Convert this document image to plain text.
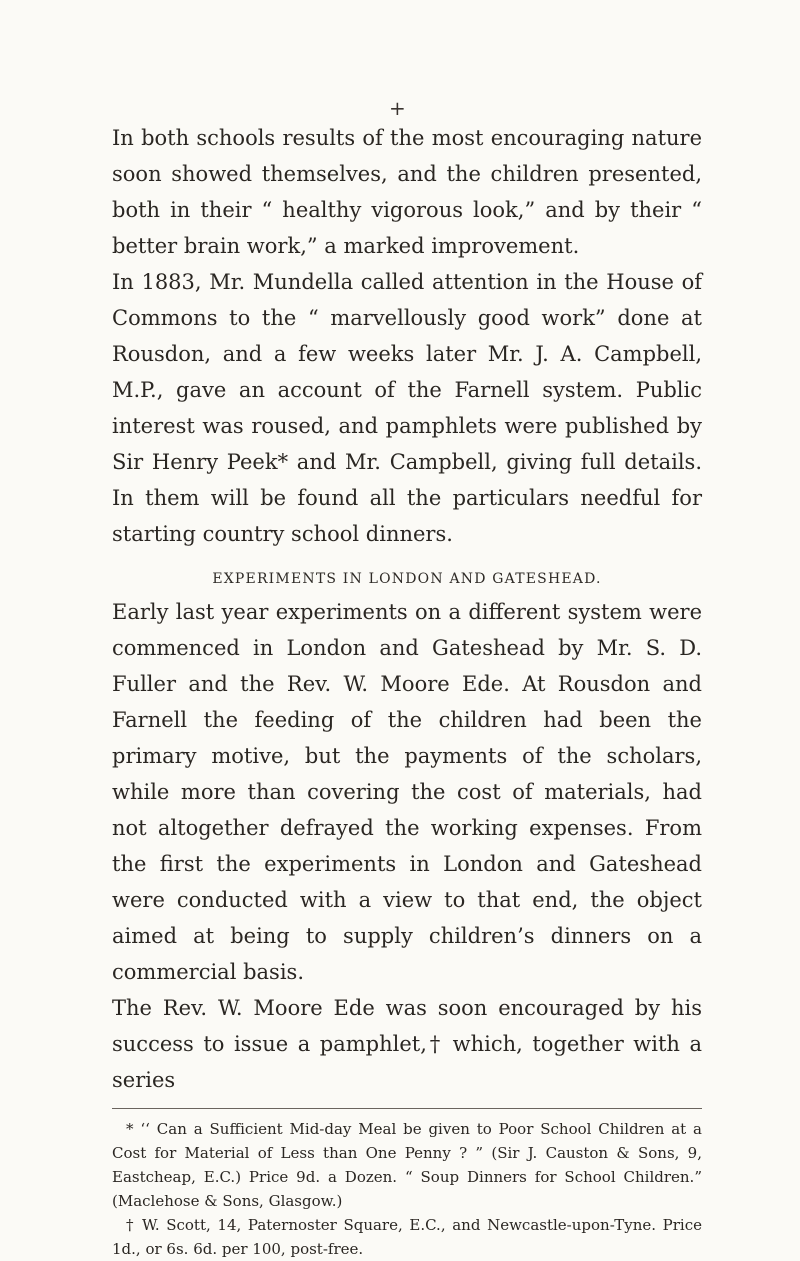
+

In both schools results of the most encouraging nature soon showed themselves, and the children presented, both in their “ healthy vigorous look,” and by their “ better brain work,” a marked improvement.

In 1883, Mr. Mundella called attention in the House of Commons to the “ marvellously good work” done at Rousdon, and a few weeks later Mr. J. A. Campbell, M.P., gave an account of the Farnell system. Public interest was roused, and pamphlets were published by Sir Henry Peek* and Mr. Campbell, giving full details. In them will be found all the particulars needful for starting country school dinners.

EXPERIMENTS IN LONDON AND GATESHEAD.

Early last year experiments on a different system were commenced in London and Gateshead by Mr. S. D. Fuller and the Rev. W. Moore Ede. At Rousdon and Farnell the feeding of the children had been the primary motive, but the payments of the scholars, while more than covering the cost of materials, had not altogether defrayed the working expenses. From the first the experiments in London and Gateshead were conducted with a view to that end, the object aimed at being to supply children’s dinners on a commercial basis.

The Rev. W. Moore Ede was soon encouraged by his success to issue a pamphlet,† which, together with a series

* ‘‘ Can a Sufficient Mid-day Meal be given to Poor School Children at a Cost for Material of Less than One Penny ? ” (Sir J. Causton & Sons, 9, Eastcheap, E.C.) Price 9d. a Dozen. “ Soup Dinners for School Children.” (Maclehose & Sons, Glasgow.)

† W. Scott, 14, Paternoster Square, E.C., and Newcastle-upon-Tyne. Price 1d., or 6s. 6d. per 100, post-free.
